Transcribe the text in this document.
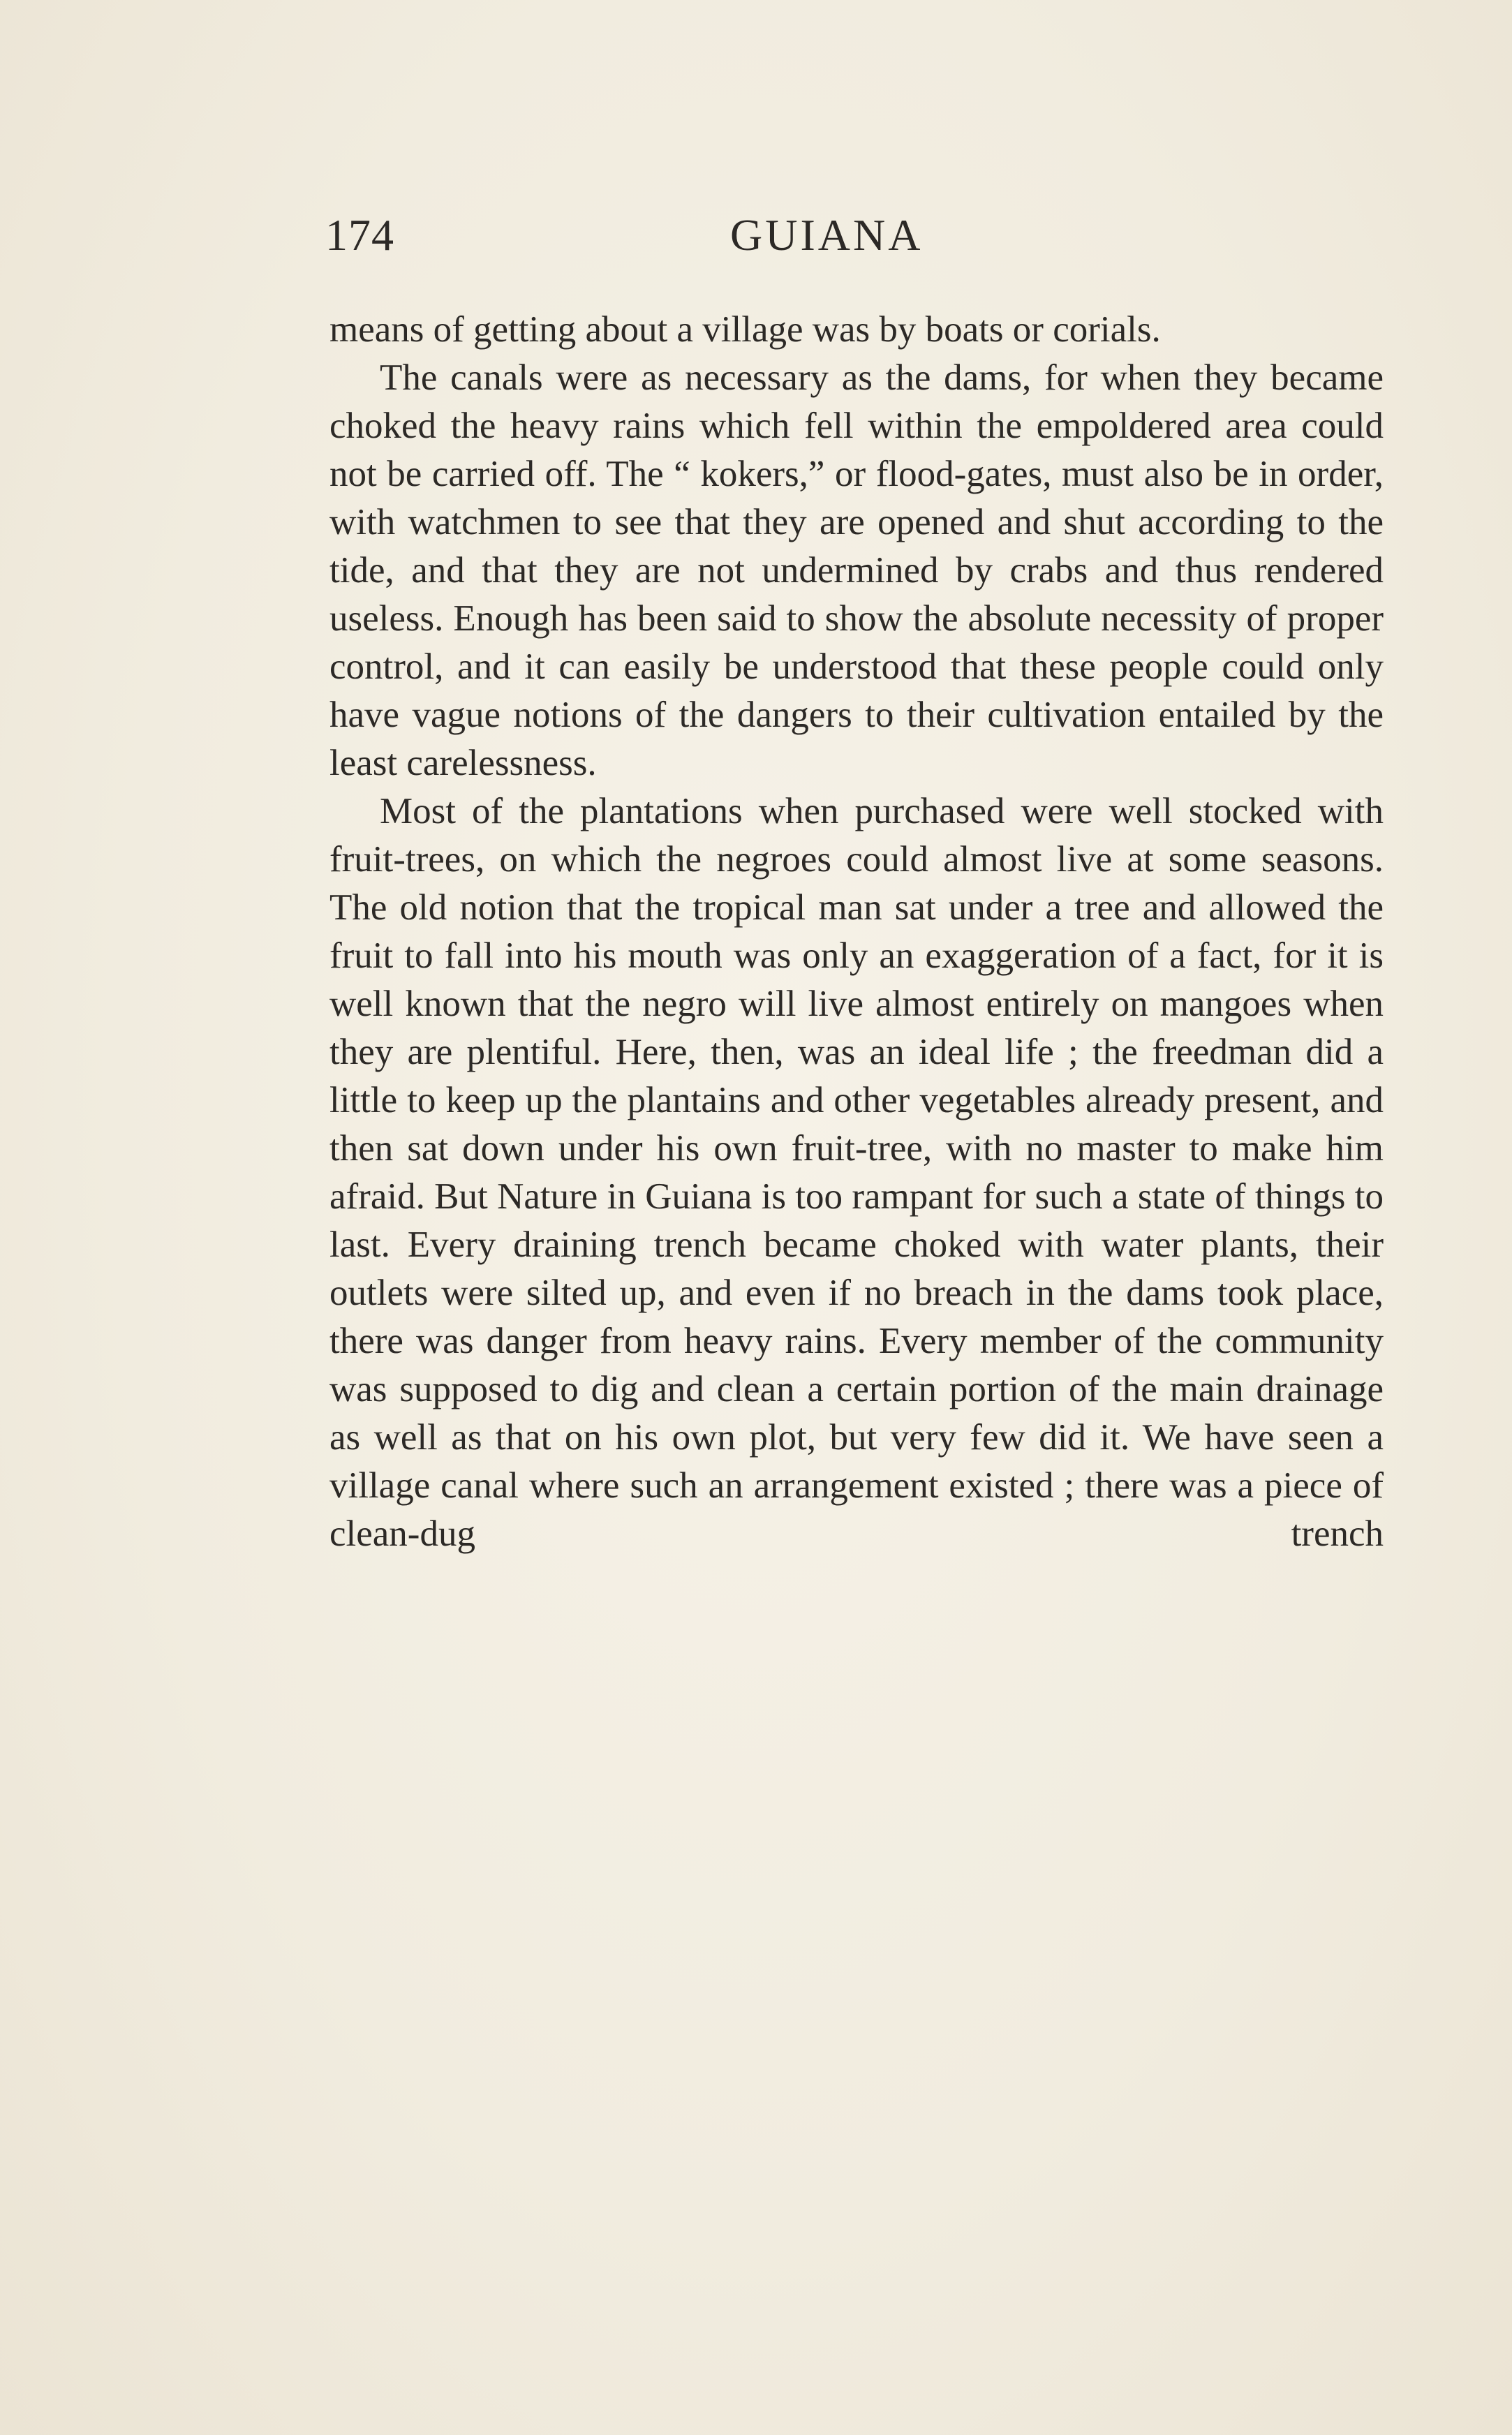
174	GUIANA

means of getting about a village was by boats or corials.

The canals were as necessary as the dams, for when they became choked the heavy rains which fell within the empoldered area could not be carried off. The “ kokers,” or flood-gates, must also be in order, with watchmen to see that they are opened and shut according to the tide, and that they are not undermined by crabs and thus rendered useless. Enough has been said to show the absolute necessity of proper control, and it can easily be understood that these people could only have vague notions of the dangers to their cultivation entailed by the least carelessness.

Most of the plantations when purchased were well stocked with fruit-trees, on which the negroes could almost live at some seasons. The old notion that the tropical man sat under a tree and allowed the fruit to fall into his mouth was only an exaggeration of a fact, for it is well known that the negro will live almost entirely on mangoes when they are plentiful. Here, then, was an ideal life ; the freedman did a little to keep up the plantains and other vegetables already present, and then sat down under his own fruit-tree, with no master to make him afraid. But Nature in Guiana is too rampant for such a state of things to last. Every draining trench became choked with water plants, their outlets were silted up, and even if no breach in the dams took place, there was danger from heavy rains. Every member of the community was supposed to dig and clean a certain portion of the main drainage as well as that on his own plot, but very few did it. We have seen a village canal where such an arrangement existed ; there was a piece of clean-dug trench
